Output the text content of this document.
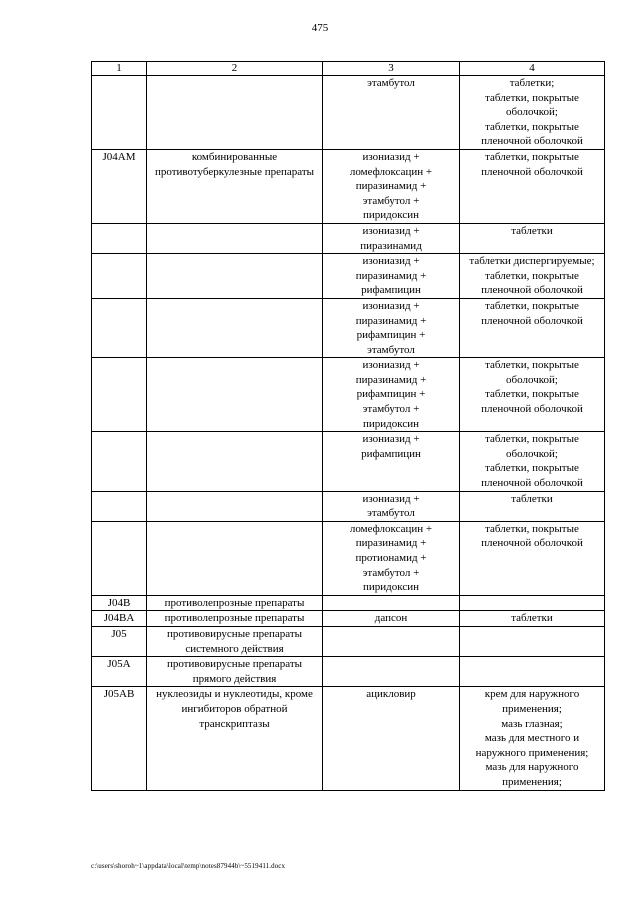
475
1	2	3	4
		этамбутол	таблетки;
таблетки, покрытые оболочкой;
таблетки, покрытые пленочной оболочкой
J04AM	комбинированные противотуберкулезные препараты	изониазид +
ломефлоксацин +
пиразинамид +
этамбутол +
пиридоксин	таблетки, покрытые пленочной оболочкой
		изониазид +
пиразинамид	таблетки
		изониазид +
пиразинамид +
рифампицин	таблетки диспергируемые;
таблетки, покрытые пленочной оболочкой
		изониазид +
пиразинамид +
рифампицин +
этамбутол	таблетки, покрытые пленочной оболочкой
		изониазид +
пиразинамид +
рифампицин +
этамбутол +
пиридоксин	таблетки, покрытые оболочкой;
таблетки, покрытые пленочной оболочкой
		изониазид +
рифампицин	таблетки, покрытые оболочкой;
таблетки, покрытые пленочной оболочкой
		изониазид +
этамбутол	таблетки
		ломефлоксацин +
пиразинамид +
протионамид +
этамбутол +
пиридоксин	таблетки, покрытые пленочной оболочкой
J04B	противолепрозные препараты		
J04BA	противолепрозные препараты	дапсон	таблетки
J05	противовирусные препараты системного действия		
J05A	противовирусные препараты прямого действия		
J05AB	нуклеозиды и нуклеотиды, кроме ингибиторов обратной транскриптазы	ацикловир	крем для наружного применения;
мазь глазная;
мазь для местного и наружного применения;
мазь для наружного применения;
c:\users\shoroh~1\appdata\local\temp\notes87944b\~5519411.docx
